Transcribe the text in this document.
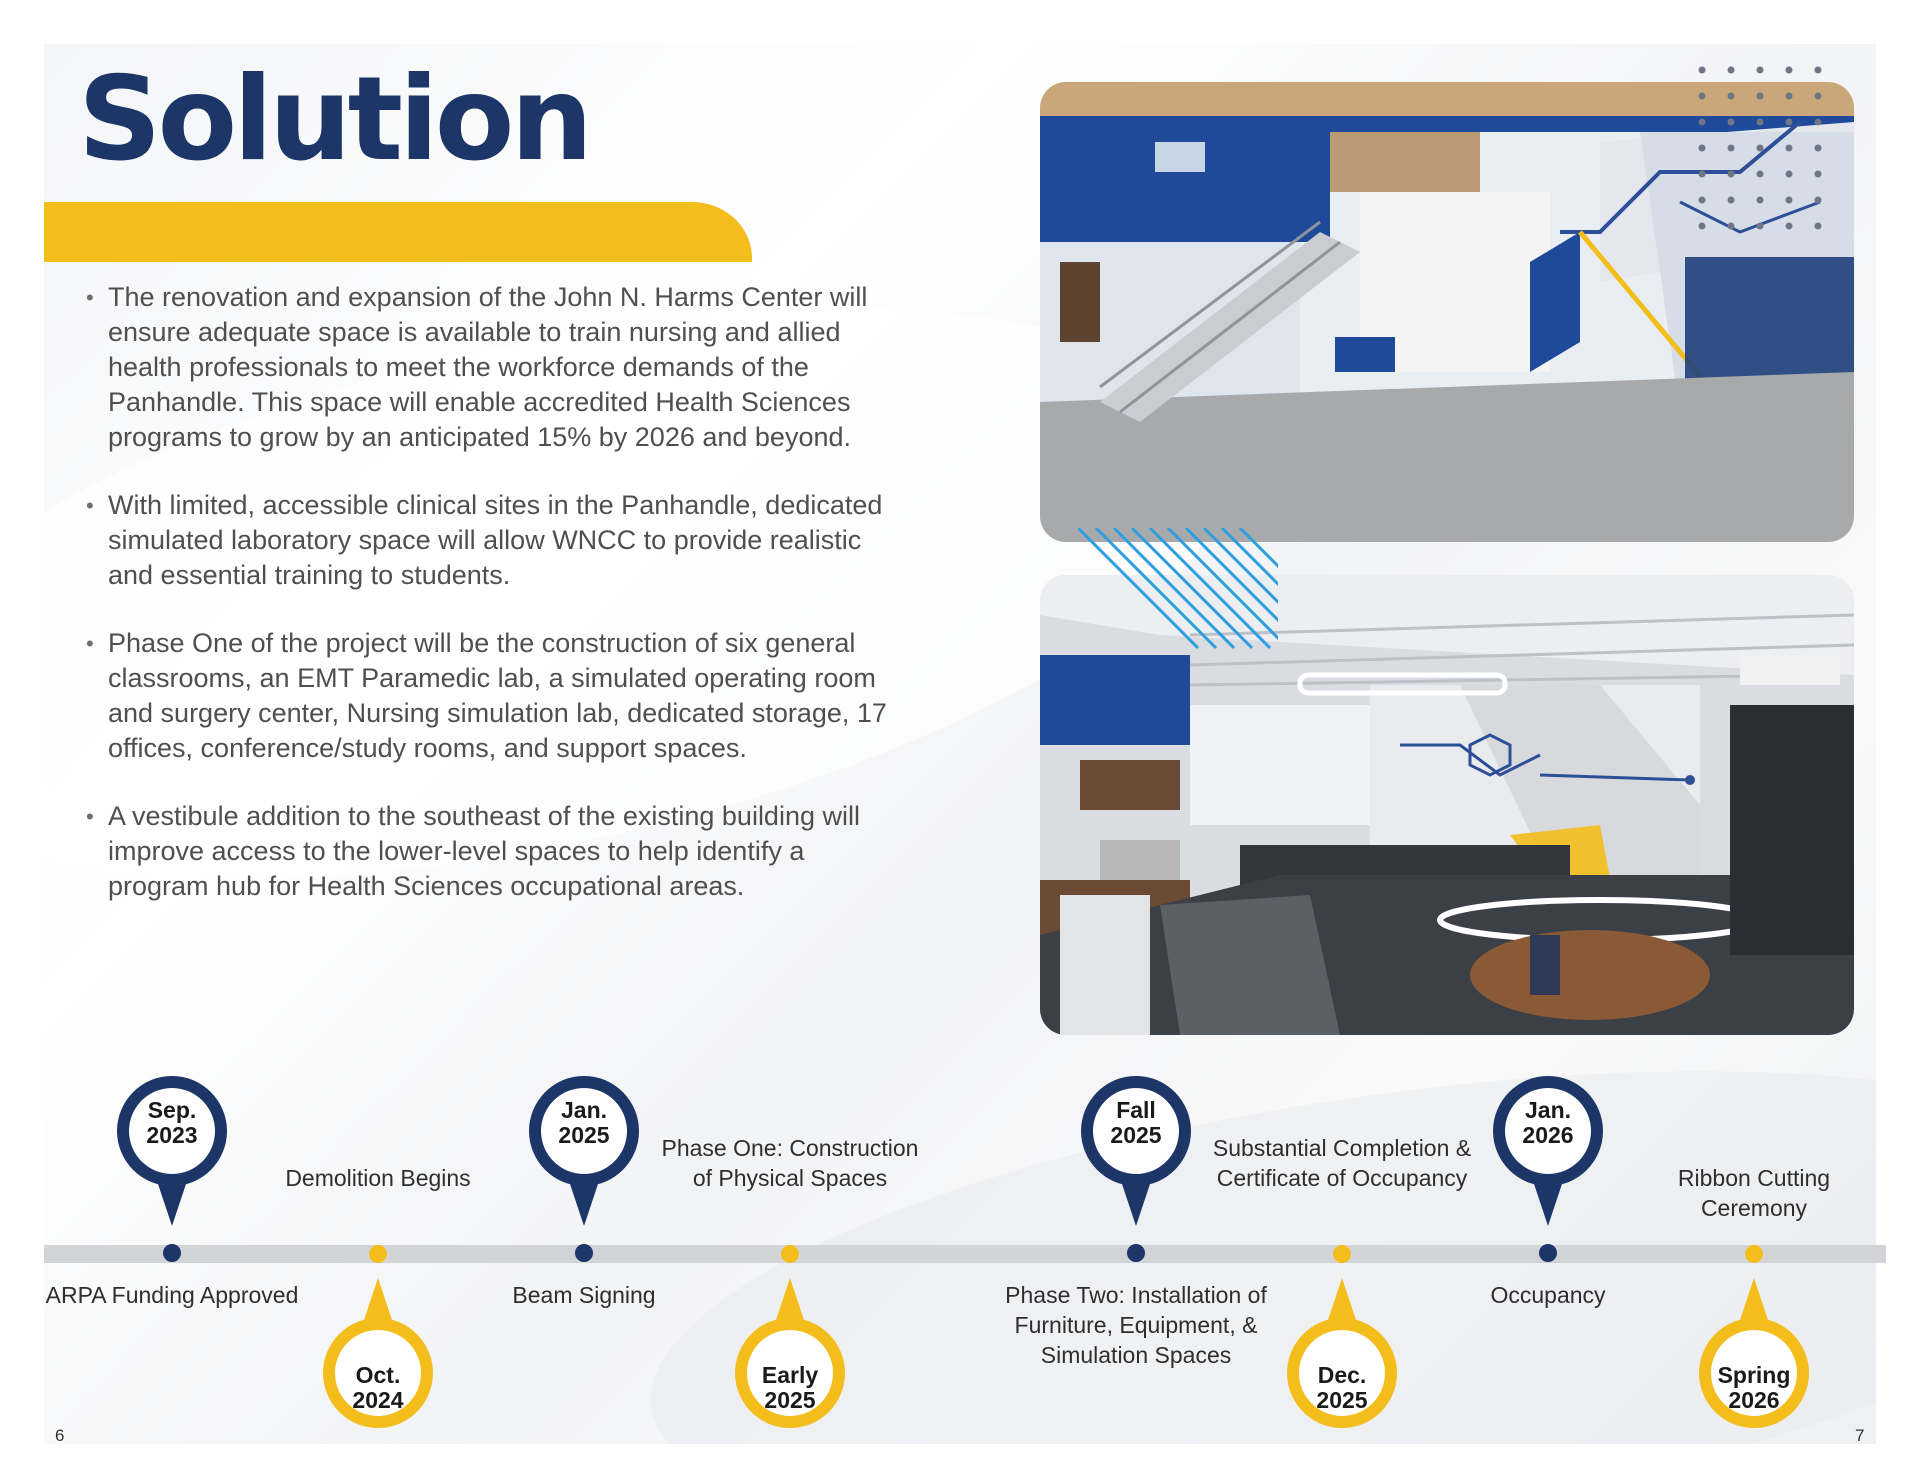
Solution
• The renovation and expansion of the John N. Harms Center will ensure adequate space is available to train nursing and allied health professionals to meet the workforce demands of the Panhandle. This space will enable accredited Health Sciences programs to grow by an anticipated 15% by 2026 and beyond.
• With limited, accessible clinical sites in the Panhandle, dedicated simulated laboratory space will allow WNCC to provide realistic and essential training to students.
• Phase One of the project will be the construction of six general classrooms, an EMT Paramedic lab, a simulated operating room and surgery center, Nursing simulation lab, dedicated storage, 17 offices, conference/study rooms, and support spaces.
• A vestibule addition to the southeast of the existing building will improve access to the lower-level spaces to help identify a program hub for Health Sciences occupational areas.
Sep.
2023
ARPA Funding Approved
Oct.
2024
Demolition Begins
Jan.
2025
Beam Signing
Early
2025
Phase One: Construction of Physical Spaces
Fall
2025
Phase Two: Installation of Furniture, Equipment, & Simulation Spaces
Dec.
2025
Substantial Completion & Certificate of Occupancy
Jan.
2026
Occupancy
Spring
2026
Ribbon Cutting Ceremony
6	7
